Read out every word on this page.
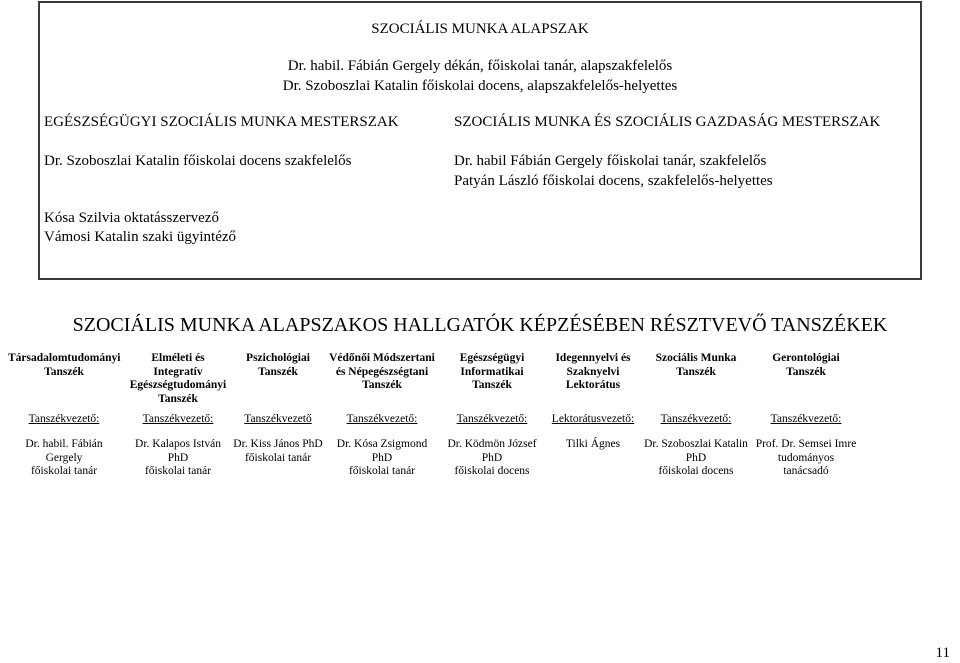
SZOCIÁLIS MUNKA ALAPSZAK
Dr. habil. Fábián Gergely dékán, főiskolai tanár, alapszakfelelős
Dr. Szoboszlai Katalin főiskolai docens, alapszakfelelős-helyettes
EGÉSZSÉGÜGYI SZOCIÁLIS MUNKA MESTERSZAK
Dr. Szoboszlai Katalin főiskolai docens szakfelelős
SZOCIÁLIS MUNKA ÉS SZOCIÁLIS GAZDASÁG MESTERSZAK
Dr. habil Fábián Gergely főiskolai tanár, szakfelelős
Patyán László főiskolai docens, szakfelelős-helyettes
Kósa Szilvia oktatásszervező
Vámosi Katalin szaki ügyintéző
SZOCIÁLIS MUNKA ALAPSZAKOS HALLGATÓK KÉPZÉSÉBEN RÉSZTVEVŐ TANSZÉKEK
Társadalomtudományi
Tanszék
Tanszékvezető:
Dr. habil. Fábián Gergely
főiskolai tanár
Elméleti és
Integratív
Egészségtudományi
Tanszék
Tanszékvezető:
Dr. Kalapos István
PhD
főiskolai tanár
Pszichológiai
Tanszék
Tanszékvezető
Dr. Kiss János PhD
főiskolai tanár
Védőnői Módszertani
és Népegészségtani
Tanszék
Tanszékvezető:
Dr. Kósa Zsigmond
PhD
főiskolai tanár
Egészségügyi
Informatikai
Tanszék
Tanszékvezető:
Dr. Ködmön József
PhD
főiskolai docens
Idegennyelvi és
Szaknyelvi
Lektorátus
Lektorátusvezető:
Tilki Ágnes
Szociális Munka
Tanszék
Tanszékvezető:
Dr. Szoboszlai Katalin
PhD
főiskolai docens
Gerontológiai
Tanszék
Tanszékvezető:
Prof. Dr. Semsei Imre
tudományos
tanácsadó
11
